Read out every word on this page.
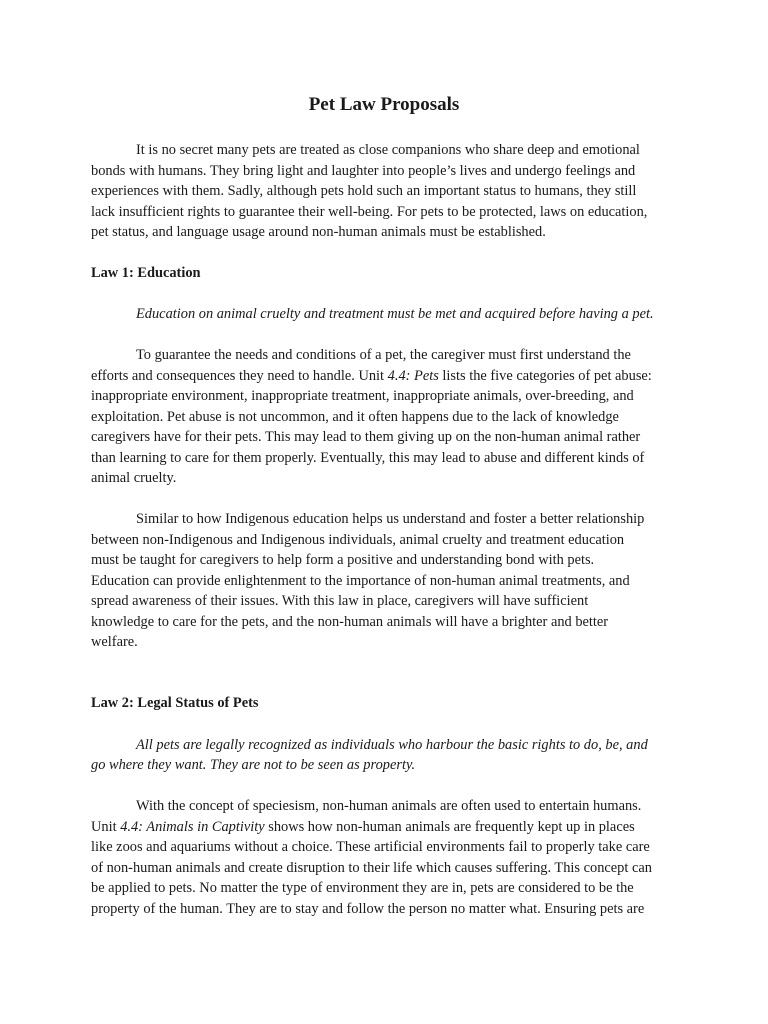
Pet Law Proposals
It is no secret many pets are treated as close companions who share deep and emotional
bonds with humans. They bring light and laughter into people’s lives and undergo feelings and
experiences with them. Sadly, although pets hold such an important status to humans, they still
lack insufficient rights to guarantee their well-being. For pets to be protected, laws on education,
pet status, and language usage around non-human animals must be established.
Law 1: Education
Education on animal cruelty and treatment must be met and acquired before having a pet.
To guarantee the needs and conditions of a pet, the caregiver must first understand the
efforts and consequences they need to handle. Unit 4.4: Pets lists the five categories of pet abuse:
inappropriate environment, inappropriate treatment, inappropriate animals, over-breeding, and
exploitation. Pet abuse is not uncommon, and it often happens due to the lack of knowledge
caregivers have for their pets. This may lead to them giving up on the non-human animal rather
than learning to care for them properly. Eventually, this may lead to abuse and different kinds of
animal cruelty.
Similar to how Indigenous education helps us understand and foster a better relationship
between non-Indigenous and Indigenous individuals, animal cruelty and treatment education
must be taught for caregivers to help form a positive and understanding bond with pets.
Education can provide enlightenment to the importance of non-human animal treatments, and
spread awareness of their issues. With this law in place, caregivers will have sufficient
knowledge to care for the pets, and the non-human animals will have a brighter and better
welfare.
Law 2: Legal Status of Pets
All pets are legally recognized as individuals who harbour the basic rights to do, be, and
go where they want. They are not to be seen as property.
With the concept of speciesism, non-human animals are often used to entertain humans.
Unit 4.4: Animals in Captivity shows how non-human animals are frequently kept up in places
like zoos and aquariums without a choice. These artificial environments fail to properly take care
of non-human animals and create disruption to their life which causes suffering. This concept can
be applied to pets. No matter the type of environment they are in, pets are considered to be the
property of the human. They are to stay and follow the person no matter what. Ensuring pets are
